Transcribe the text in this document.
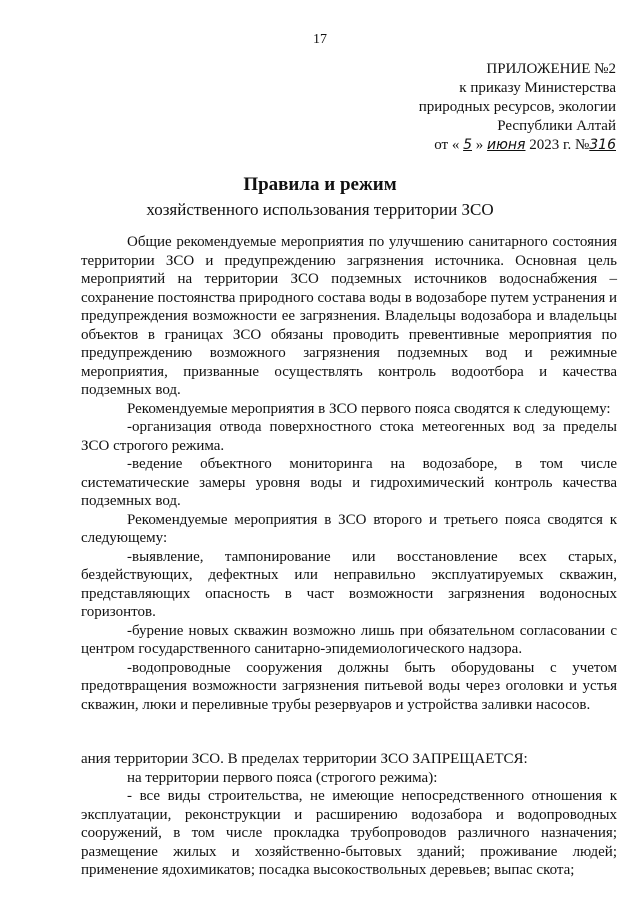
17
ПРИЛОЖЕНИЕ №2
к приказу Министерства
природных ресурсов, экологии
Республики Алтай
от « 5 » июня 2023 г. №316
Правила и режим
хозяйственного использования территории ЗСО

Общие рекомендуемые мероприятия по улучшению санитарного состояния территории ЗСО и предупреждению загрязнения источника. Основная цель мероприятий на территории ЗСО подземных источников водоснабжения – сохранение постоянства природного состава воды в водозаборе путем устранения и предупреждения возможности ее загрязнения. Владельцы водозабора и владельцы объектов в границах ЗСО обязаны проводить превентивные мероприятия по предупреждению возможного загрязнения подземных вод и режимные мероприятия, призванные осуществлять контроль водоотбора и качества подземных вод.

Рекомендуемые мероприятия в ЗСО первого пояса сводятся к следующему:

-организация отвода поверхностного стока метеогенных вод за пределы ЗСО строгого режима.

-ведение объектного мониторинга на водозаборе, в том числе систематические замеры уровня воды и гидрохимический контроль качества подземных вод.

Рекомендуемые мероприятия в ЗСО второго и третьего пояса сводятся к следующему:

-выявление, тампонирование или восстановление всех старых, бездействующих, дефектных или неправильно эксплуатируемых скважин, представляющих опасность в част возможности загрязнения водоносных горизонтов.

-бурение новых скважин возможно лишь при обязательном согласовании с центром государственного санитарно-эпидемиологического надзора.

-водопроводные сооружения должны быть оборудованы с учетом предотвращения возможности загрязнения питьевой воды через оголовки и устья скважин, люки и переливные трубы резервуаров и устройства заливки насосов.

ания территории ЗСО. В пределах территории ЗСО ЗАПРЕЩАЕТСЯ:

на территории первого пояса (строгого режима):

- все виды строительства, не имеющие непосредственного отношения к эксплуатации, реконструкции и расширению водозабора и водопроводных сооружений, в том числе прокладка трубопроводов различного назначения; размещение жилых и хозяйственно-бытовых зданий; проживание людей; применение ядохимикатов; посадка высокоствольных деревьев; выпас скота;
